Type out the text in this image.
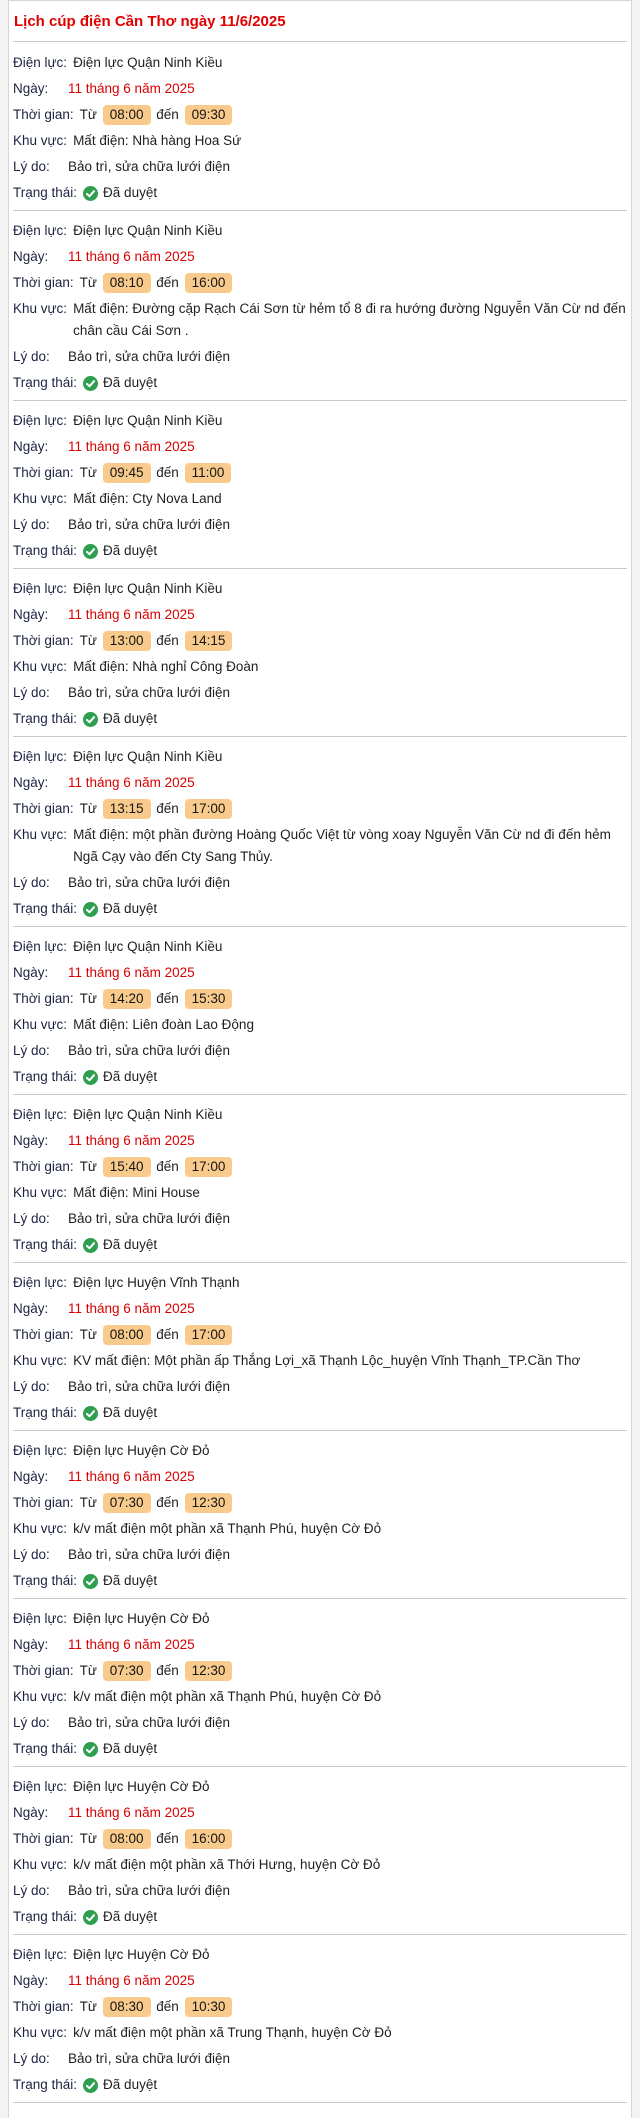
Lịch cúp điện Cần Thơ ngày 11/6/2025
Điện lực: Điện lực Quận Ninh Kiều
Ngày:	11 tháng 6 năm 2025
Thời gian: Từ 08:00 đến 09:30
Khu vực: Mất điện: Nhà hàng Hoa Sứ
Lý do:	Bảo trì, sửa chữa lưới điện
Trạng thái:	Đã duyệt
Điện lực: Điện lực Quận Ninh Kiều
Ngày:	11 tháng 6 năm 2025
Thời gian: Từ 08:10 đến 16:00
Khu vực: Mất điện: Đường cặp Rạch Cái Sơn từ hẻm tổ 8 đi ra hướng đường Nguyễn Văn Cừ nd đến chân cầu Cái Sơn .
Lý do:	Bảo trì, sửa chữa lưới điện
Trạng thái:	Đã duyệt
Điện lực: Điện lực Quận Ninh Kiều
Ngày:	11 tháng 6 năm 2025
Thời gian: Từ 09:45 đến 11:00
Khu vực: Mất điện: Cty Nova Land
Lý do:	Bảo trì, sửa chữa lưới điện
Trạng thái:	Đã duyệt
Điện lực: Điện lực Quận Ninh Kiều
Ngày:	11 tháng 6 năm 2025
Thời gian: Từ 13:00 đến 14:15
Khu vực: Mất điện: Nhà nghỉ Công Đoàn
Lý do:	Bảo trì, sửa chữa lưới điện
Trạng thái:	Đã duyệt
Điện lực: Điện lực Quận Ninh Kiều
Ngày:	11 tháng 6 năm 2025
Thời gian: Từ 13:15 đến 17:00
Khu vực: Mất điện: một phần đường Hoàng Quốc Việt từ vòng xoay Nguyễn Văn Cừ nd đi đến hẻm Ngã Cạy vào đến Cty Sang Thủy.
Lý do:	Bảo trì, sửa chữa lưới điện
Trạng thái:	Đã duyệt
Điện lực: Điện lực Quận Ninh Kiều
Ngày:	11 tháng 6 năm 2025
Thời gian: Từ 14:20 đến 15:30
Khu vực: Mất điện: Liên đoàn Lao Động
Lý do:	Bảo trì, sửa chữa lưới điện
Trạng thái:	Đã duyệt
Điện lực: Điện lực Quận Ninh Kiều
Ngày:	11 tháng 6 năm 2025
Thời gian: Từ 15:40 đến 17:00
Khu vực: Mất điện: Mini House
Lý do:	Bảo trì, sửa chữa lưới điện
Trạng thái:	Đã duyệt
Điện lực: Điện lực Huyện Vĩnh Thạnh
Ngày:	11 tháng 6 năm 2025
Thời gian: Từ 08:00 đến 17:00
Khu vực: KV mất điện: Một phần ấp Thắng Lợi_xã Thạnh Lộc_huyện Vĩnh Thạnh_TP.Cần Thơ
Lý do:	Bảo trì, sửa chữa lưới điện
Trạng thái:	Đã duyệt
Điện lực: Điện lực Huyện Cờ Đỏ
Ngày:	11 tháng 6 năm 2025
Thời gian: Từ 07:30 đến 12:30
Khu vực: k/v mất điện một phần xã Thạnh Phú, huyện Cờ Đỏ
Lý do:	Bảo trì, sửa chữa lưới điện
Trạng thái:	Đã duyệt
Điện lực: Điện lực Huyện Cờ Đỏ
Ngày:	11 tháng 6 năm 2025
Thời gian: Từ 07:30 đến 12:30
Khu vực: k/v mất điện một phần xã Thạnh Phú, huyện Cờ Đỏ
Lý do:	Bảo trì, sửa chữa lưới điện
Trạng thái:	Đã duyệt
Điện lực: Điện lực Huyện Cờ Đỏ
Ngày:	11 tháng 6 năm 2025
Thời gian: Từ 08:00 đến 16:00
Khu vực: k/v mất điện một phần xã Thới Hưng, huyện Cờ Đỏ
Lý do:	Bảo trì, sửa chữa lưới điện
Trạng thái:	Đã duyệt
Điện lực: Điện lực Huyện Cờ Đỏ
Ngày:	11 tháng 6 năm 2025
Thời gian: Từ 08:30 đến 10:30
Khu vực: k/v mất điện một phần xã Trung Thạnh, huyện Cờ Đỏ
Lý do:	Bảo trì, sửa chữa lưới điện
Trạng thái:	Đã duyệt
